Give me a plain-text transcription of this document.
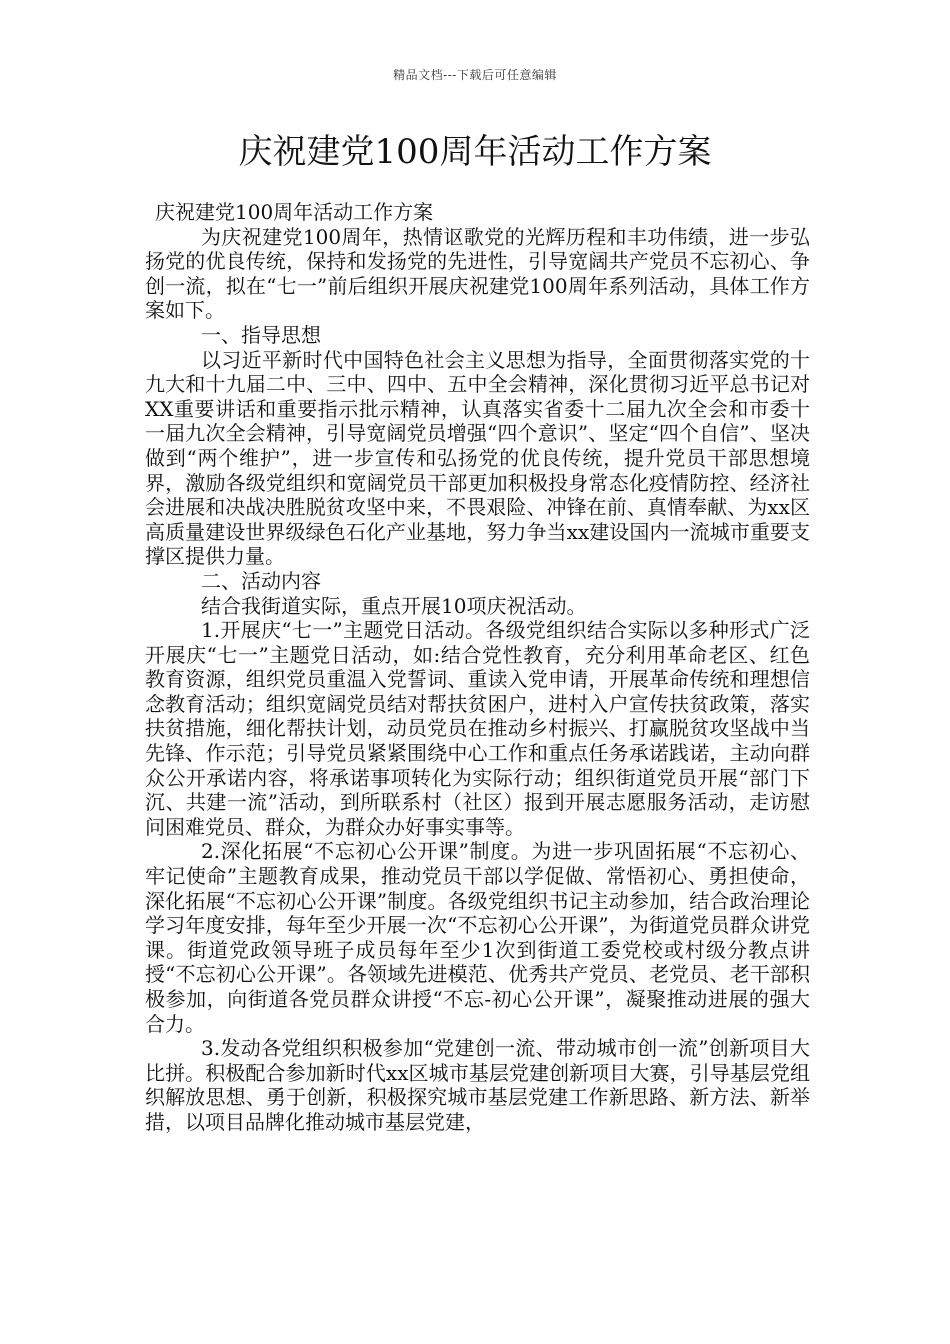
精品文档---下载后可任意编辑
庆祝建党100周年活动工作方案

庆祝建党100周年活动工作方案

为庆祝建党100周年，热情讴歌党的光辉历程和丰功伟绩，进一步弘扬党的优良传统，保持和发扬党的先进性，引导宽阔共产党员不忘初心、争创一流，拟在“七一”前后组织开展庆祝建党100周年系列活动，具体工作方案如下。

一、指导思想

以习近平新时代中国特色社会主义思想为指导，全面贯彻落实党的十九大和十九届二中、三中、四中、五中全会精神，深化贯彻习近平总书记对XX重要讲话和重要指示批示精神，认真落实省委十二届九次全会和市委十一届九次全会精神，引导宽阔党员增强“四个意识”、坚定“四个自信”、坚决做到“两个维护”，进一步宣传和弘扬党的优良传统，提升党员干部思想境界，激励各级党组织和宽阔党员干部更加积极投身常态化疫情防控、经济社会进展和决战决胜脱贫攻坚中来，不畏艰险、冲锋在前、真情奉献、为xx区高质量建设世界级绿色石化产业基地，努力争当xx建设国内一流城市重要支撑区提供力量。

二、活动内容

结合我街道实际，重点开展10项庆祝活动。

1.开展庆“七一”主题党日活动。各级党组织结合实际以多种形式广泛开展庆“七一”主题党日活动，如:结合党性教育，充分利用革命老区、红色教育资源，组织党员重温入党誓词、重读入党申请，开展革命传统和理想信念教育活动；组织宽阔党员结对帮扶贫困户，进村入户宣传扶贫政策，落实扶贫措施，细化帮扶计划，动员党员在推动乡村振兴、打赢脱贫攻坚战中当先锋、作示范；引导党员紧紧围绕中心工作和重点任务承诺践诺，主动向群众公开承诺内容，将承诺事项转化为实际行动；组织街道党员开展“部门下沉、共建一流”活动，到所联系村（社区）报到开展志愿服务活动，走访慰问困难党员、群众，为群众办好事实事等。

2.深化拓展“不忘初心公开课”制度。为进一步巩固拓展“不忘初心、牢记使命”主题教育成果，推动党员干部以学促做、常悟初心、勇担使命，深化拓展“不忘初心公开课”制度。各级党组织书记主动参加，结合政治理论学习年度安排，每年至少开展一次“不忘初心公开课”，为街道党员群众讲党课。街道党政领导班子成员每年至少1次到街道工委党校或村级分教点讲授“不忘初心公开课”。各领域先进模范、优秀共产党员、老党员、老干部积极参加，向街道各党员群众讲授“不忘-初心公开课”，凝聚推动进展的强大合力。

3.发动各党组织积极参加“党建创一流、带动城市创一流”创新项目大比拼。积极配合参加新时代xx区城市基层党建创新项目大赛，引导基层党组织解放思想、勇于创新，积极探究城市基层党建工作新思路、新方法、新举措，以项目品牌化推动城市基层党建，
